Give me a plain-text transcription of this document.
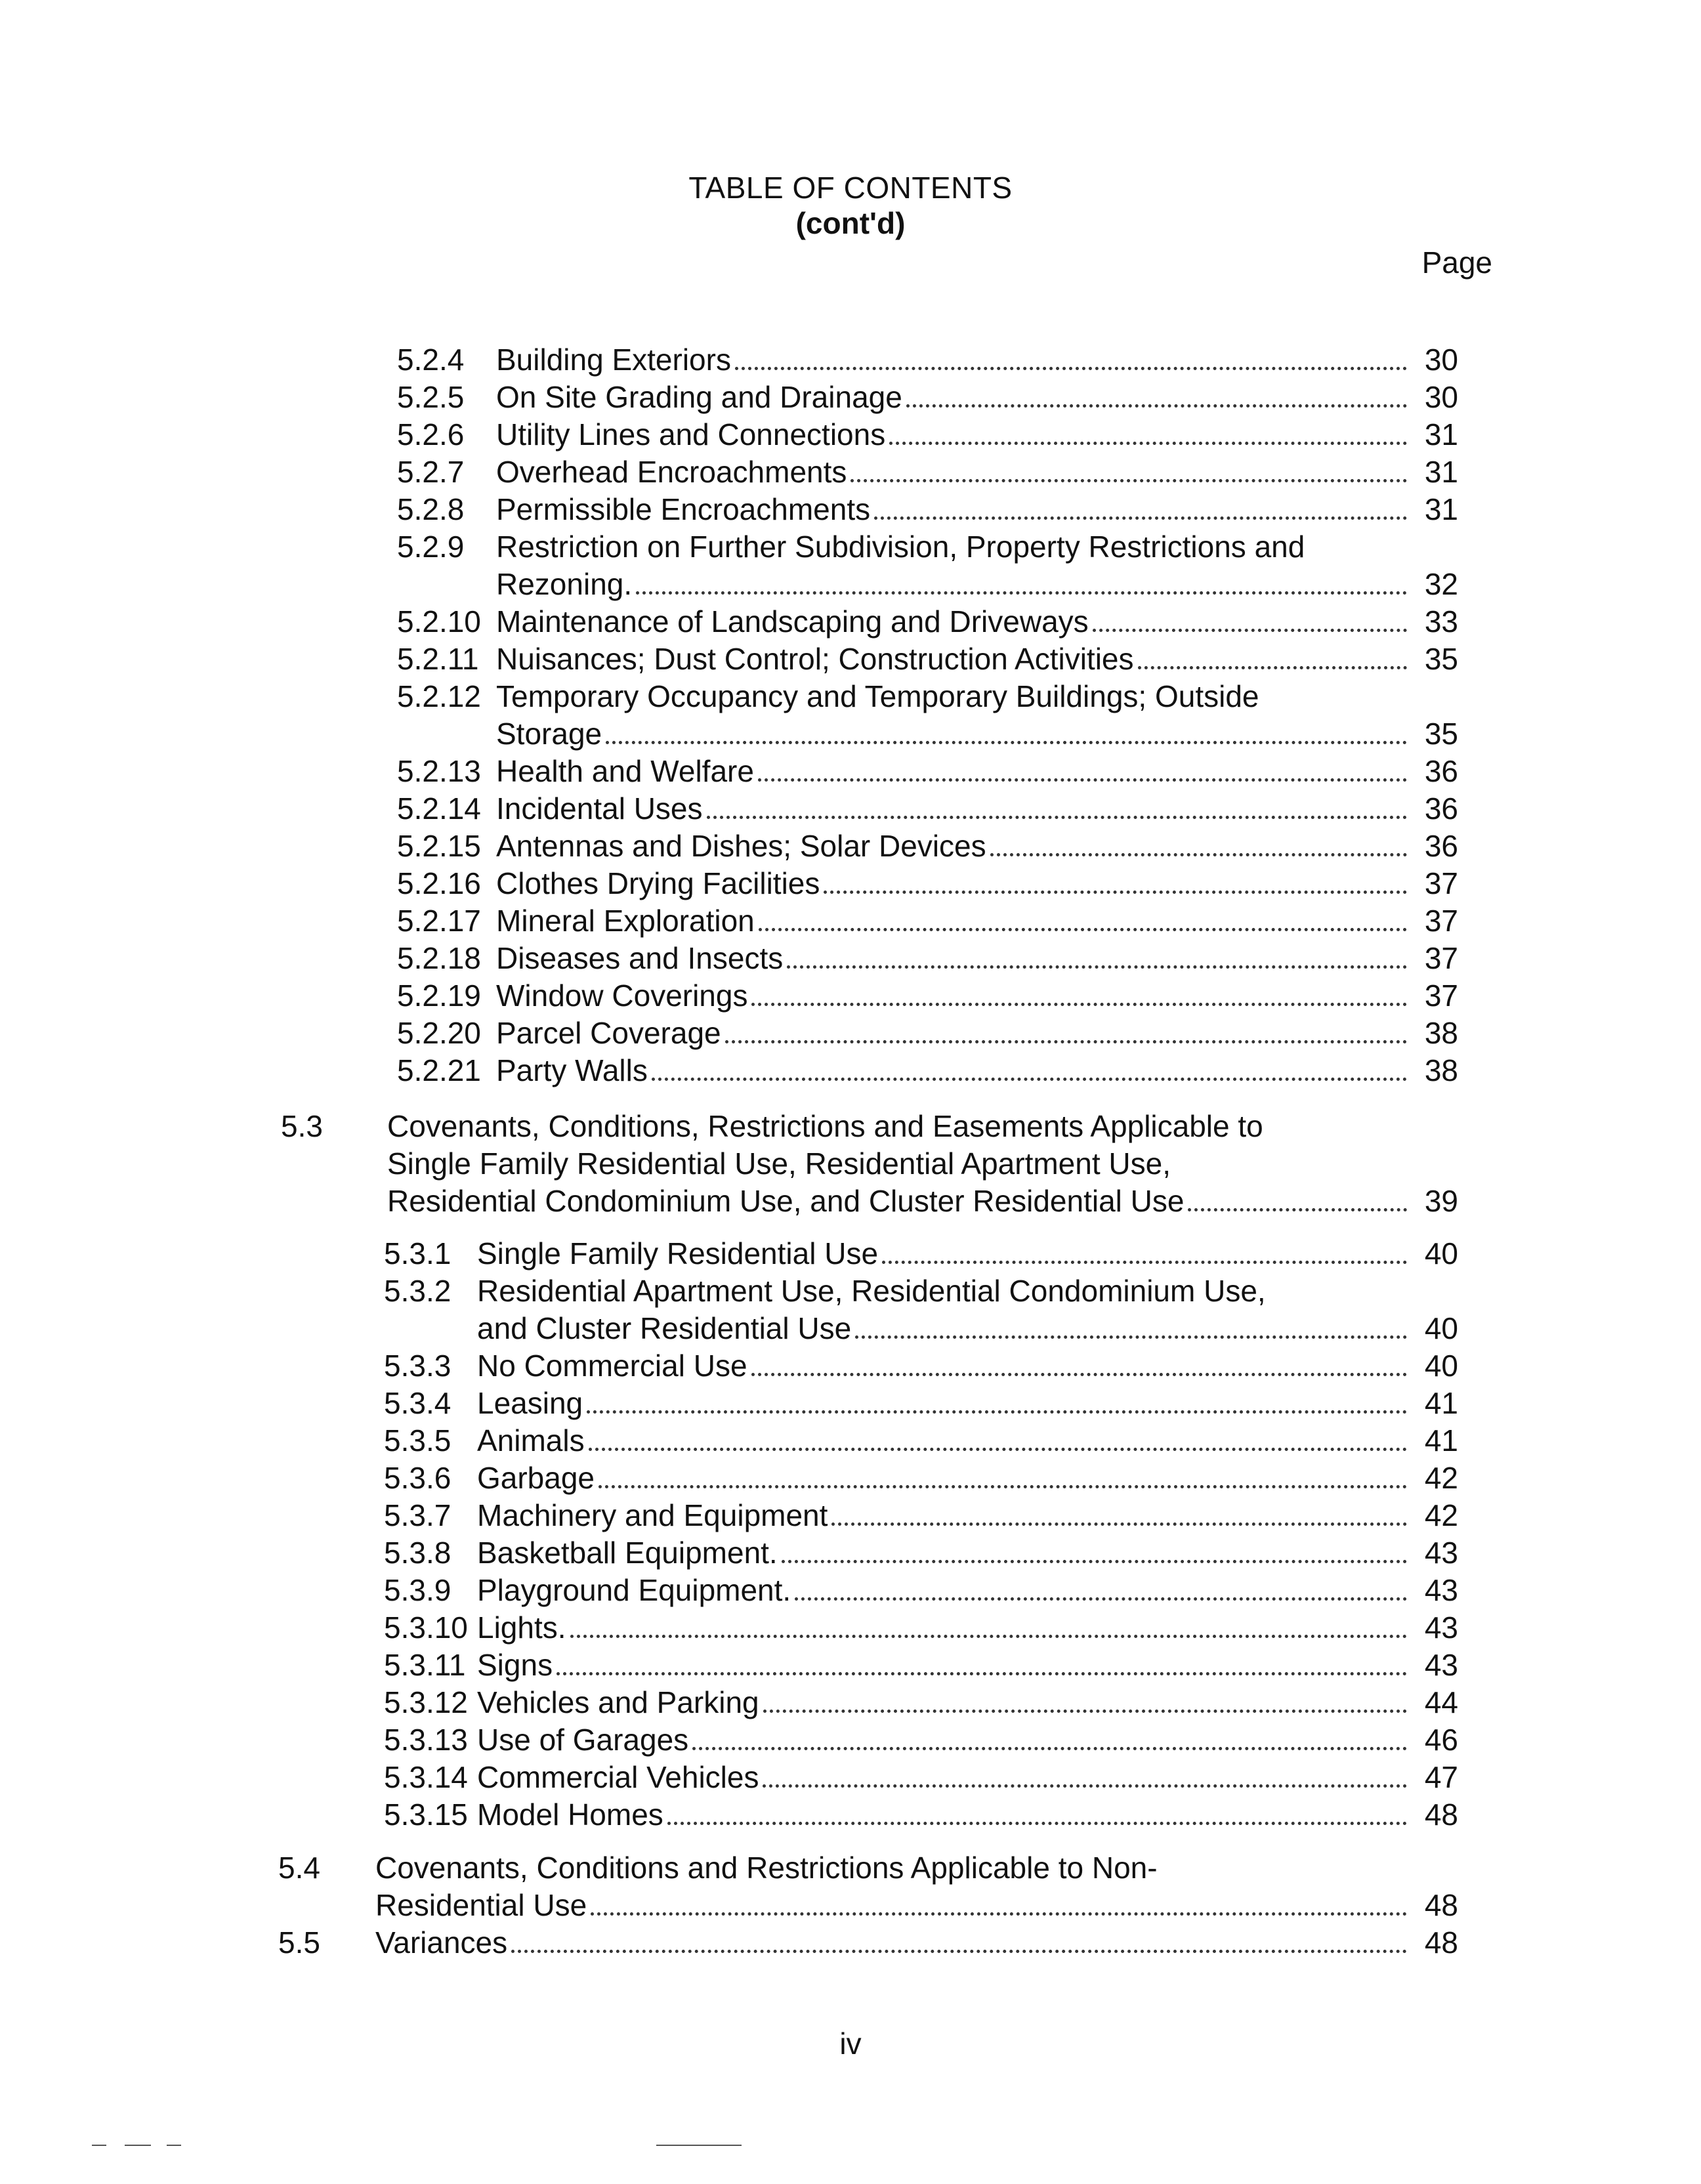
TABLE OF CONTENTS
(cont'd)
Page
5.2.4	Building Exteriors	30
5.2.5	On Site Grading and Drainage	30
5.2.6	Utility Lines and Connections	31
5.2.7	Overhead Encroachments	31
5.2.8	Permissible Encroachments	31
5.2.9 Restriction on Further Subdivision, Property Restrictions and
Rezoning.	32
5.2.10 Maintenance of Landscaping and Driveways	33
5.2.11 Nuisances; Dust Control; Construction Activities	35
5.2.12 Temporary Occupancy and Temporary Buildings; Outside
Storage	35
5.2.13 Health and Welfare	36
5.2.14 Incidental Uses	36
5.2.15 Antennas and Dishes; Solar Devices	36
5.2.16 Clothes Drying Facilities	37
5.2.17 Mineral Exploration	37
5.2.18 Diseases and Insects	37
5.2.19 Window Coverings	37
5.2.20 Parcel Coverage	38
5.2.21 Party Walls	38
5.3 Covenants, Conditions, Restrictions and Easements Applicable to
Single Family Residential Use, Residential Apartment Use,
Residential Condominium Use, and Cluster Residential Use	39
5.3.1 Single Family Residential Use	40
5.3.2 Residential Apartment Use, Residential Condominium Use,
and Cluster Residential Use	40
5.3.3 No Commercial Use	40
5.3.4 Leasing	41
5.3.5 Animals	41
5.3.6 Garbage	42
5.3.7 Machinery and Equipment	42
5.3.8 Basketball Equipment.	43
5.3.9 Playground Equipment.	43
5.3.10 Lights.	43
5.3.11 Signs	43
5.3.12 Vehicles and Parking	44
5.3.13 Use of Garages	46
5.3.14 Commercial Vehicles	47
5.3.15 Model Homes	48
5.4 Covenants, Conditions and Restrictions Applicable to Non-
Residential Use	48
5.5 Variances	48
iv
